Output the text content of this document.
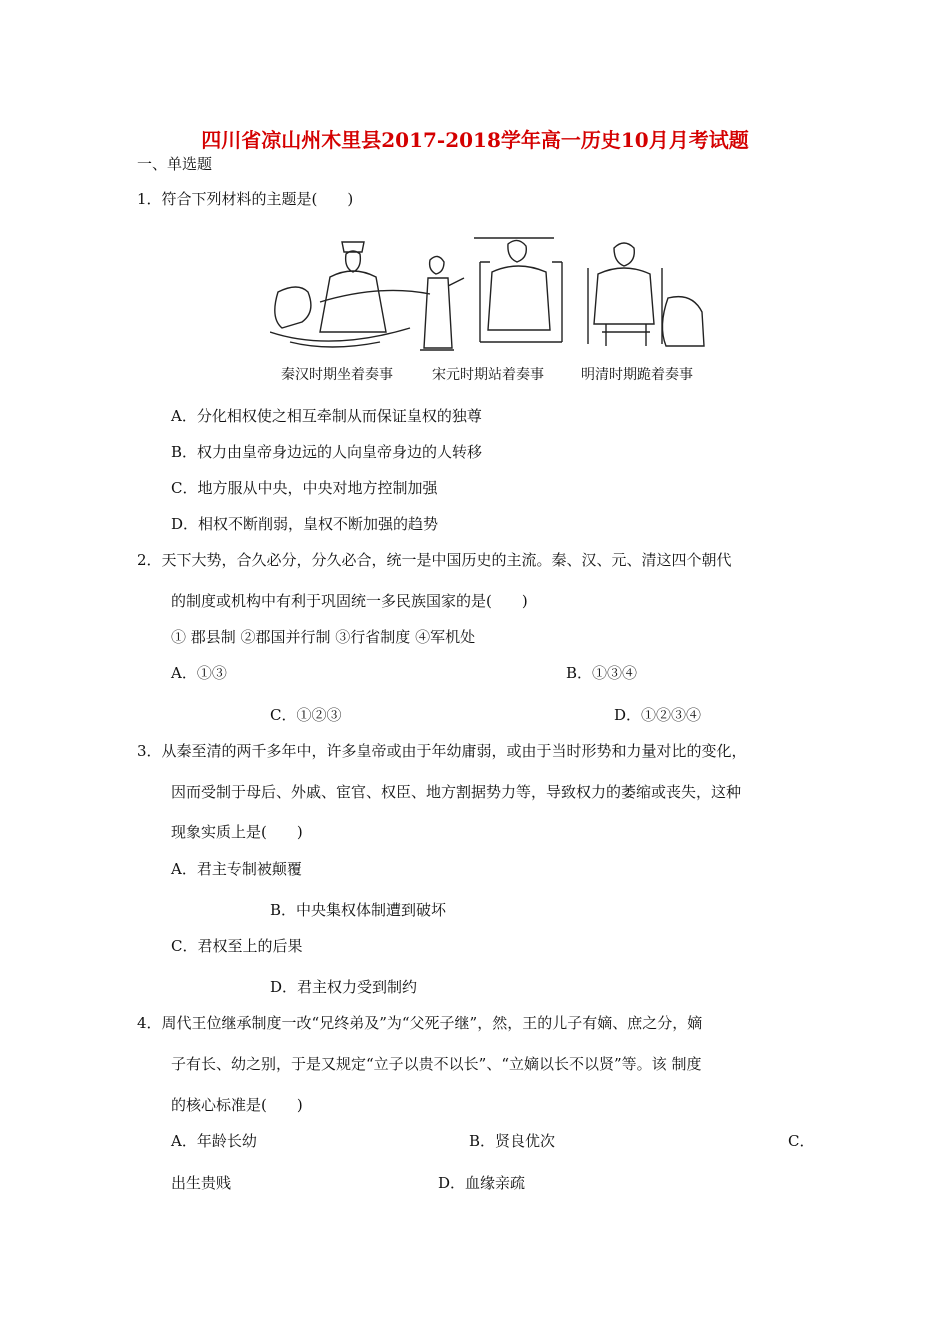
四川省凉山州木里县2017-2018学年高一历史10月月考试题
一、单选题
1．符合下列材料的主题是(　　)
秦汉时期坐着奏事	宋元时期站着奏事	明清时期跪着奏事
A．分化相权使之相互牵制从而保证皇权的独尊
B．权力由皇帝身边远的人向皇帝身边的人转移
C．地方服从中央，中央对地方控制加强
D．相权不断削弱，皇权不断加强的趋势
2．天下大势，合久必分，分久必合，统一是中国历史的主流。秦、汉、元、清这四个朝代
的制度或机构中有利于巩固统一多民族国家的是(　　)
① 郡县制 ②郡国并行制 ③行省制度 ④军机处
A．①③	B．①③④
C．①②③	D．①②③④
3．从秦至清的两千多年中，许多皇帝或由于年幼庸弱，或由于当时形势和力量对比的变化，
因而受制于母后、外戚、宦官、权臣、地方割据势力等，导致权力的萎缩或丧失，这种
现象实质上是(　　)
A．君主专制被颠覆
B．中央集权体制遭到破坏
C．君权至上的后果
D．君主权力受到制约
4．周代王位继承制度一改“兄终弟及”为“父死子继”，然，王的儿子有嫡、庶之分，嫡
子有长、幼之别，于是又规定“立子以贵不以长”、“立嫡以长不以贤”等。该 制度
的核心标准是(　　)
A．年龄长幼	B．贤良优次	C．
出生贵贱	D．血缘亲疏
